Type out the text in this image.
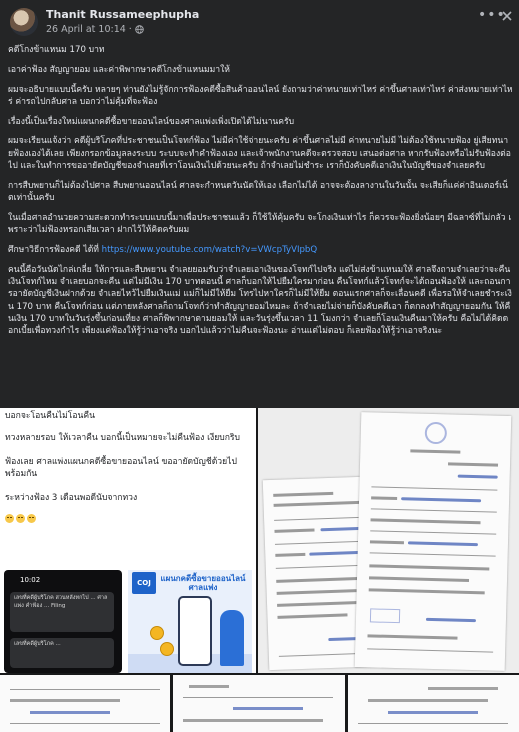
Thanit Russameephupha
26 April at 10:14 ·
•••

คดีโกงข้าแหนม 170 บาท

เอาค่าฟ้อง สัญญายอม และค่าพิพากษาคดีโกงข้าแหนมมาให้

ผมจะอธิบายแบบนี้ครับ หลายๆ ท่านยังไม่รู้จักการฟ้องคดีซื้อสินค้าออนไลน์ ยังถามว่าค่าทนายเท่าไหร่ ค่าขึ้นศาลเท่าไหร่ ค่าส่งหมายเท่าไหร่ ค่ารถไปกลับศาล บอกว่าไม่คุ้มที่จะฟ้อง

เรื่องนี้เป็นเรื่องใหม่แผนกคดีซื้อขายออนไลน์ของศาลแพ่งเพิ่งเปิดได้ไม่นานครับ

ผมจะเรียนแจ้งว่า คดีผู้บริโภคที่ประชาชนเป็นโจทก์ฟ้อง ไม่มีค่าใช้จ่ายนะครับ ค่าขึ้นศาลไม่มี ค่าทนายไม่มี ไม่ต้องใช้ทนายฟ้อง ยู่เสียทนายฟ้องเองได้เลย เพียงกรอกข้อมูลลงระบบ ระบบจะทำคำฟ้องเอง และเจ้าพนักงานคดีจะตรวจสอบ เสนอต่อศาล หากรับฟ้องหรือไม่รับฟ้องต่อไป และในทำการขออายัดบัญชีของจำเลยที่เราโอนเงินไปด้วยนะครับ ถ้าจำเลยไม่ชำระ เราก็บังคับคดีเอาเงินในบัญชีของจำเลยครับ

การสืบพยานก็ไม่ต้องไปศาล สืบพยานออนไลน์ ศาลจะกำหนดวันนัดให้เอง เลือกไม่ได้ อาจจะต้องลางานในวันนั้น จะเสียก็แค่ค่าอินเตอร์เน็ตเท่านั้นครับ

ในเมื่อศาลอำนวยความสะดวกทำระบบแบบนี้มาเพื่อประชาชนแล้ว ก็ใช้ให้คุ้มครับ จะโกงเงินเท่าไร ก็ควรจะฟ้องยิ่งน้อยๆ มีฉลาซ์ที่ไม่กลัว เพราะว่าไม่ฟ้องหรอกเสียเวลา ฝากไว้ให้คิดครับผม

ศึกษาวิธีการฟ้องคดี ได้ที่ https://www.youtube.com/watch?v=VWcpTyVIpbQ

คนนี้คือวันนัดไกล่เกลี่ย ให้การและสืบพยาน จำเลยยอมรับว่าจำเลยเอาเงินของโจทก์ไปจริง แต่ไม่ส่งข้าแหนมให้ ศาลจึงถามจำเลยว่าจะคืนเงินโจทก์ไหม จำเลยบอกจะคืน แต่ไม่มีเงิน 170 บาทตอนนี้ ศาลก็บอกให้ไปยืมใครมาก่อน คืนโจทก์แล้วโจทก์จะได้ถอนฟ้องให้ และถอนการอายัดบัญชีเงินฝากด้วย จำเลยไหว้ไปยืมเงินแม่ แม่ก็ไม่มีให้ยืม โทรไปหาใครก็ไม่มีให้ยืม ตอนแรกศาลก็จะเลื่อนคดี เพื่อรอให้จำเลยชำระเงิน 170 บาท คืนโจทก์ก่อน แต่ภายหลังศาลก็ถามโจทก์ว่าทำสัญญายอมไหมละ ถ้าจำเลยไม่จ่ายก็บังคับคดีเอา ก็ตกลงทำสัญญายอมกัน ให้คืนเงิน 170 บาทในวันรุ่งขึ้นก่อนเที่ยง ศาลก็พิพากษาตามยอมให้ และวันรุ่งขึ้นเวลา 11 โมงกว่า จำเลยก็โอนเงินคืนมาให้ครับ คือไม่ได้คิดดอกเบี้ยเพื่อทวงกำไร เพียงแค่ฟ้องให้รู้ว่าเอาจริง บอกไปแล้วว่าไม่คืนจะฟ้องนะ อ่านแต่ไม่ตอบ ก็เลยฟ้องให้รู้ว่าเอาจริงนะ

บอกจะโอนคืนไม่โอนคืน
ทวงหลายรอบ ให้เวลาคืน บอกนี้เป็นหมายจะไม่คืนฟ้อง เงียบกริบ
ฟ้องเลย ศาลแพ่งแผนกคดีซื้อขายออนไลน์ ขออายัดบัญชีด้วยไปพร้อมกัน
ระหว่างฟ้อง 3 เดือนพอดีนับจากทวง
10:02
เลขที่คดีผู้บริโภค สวนหลังทกไป ... ศาลแพ่ง คำฟ้อง ... Filing
เลขที่คดีผู้บริโภค ...
COJ	แผนกคดีซื้อขายออนไลน์ ศาลแพ่ง
